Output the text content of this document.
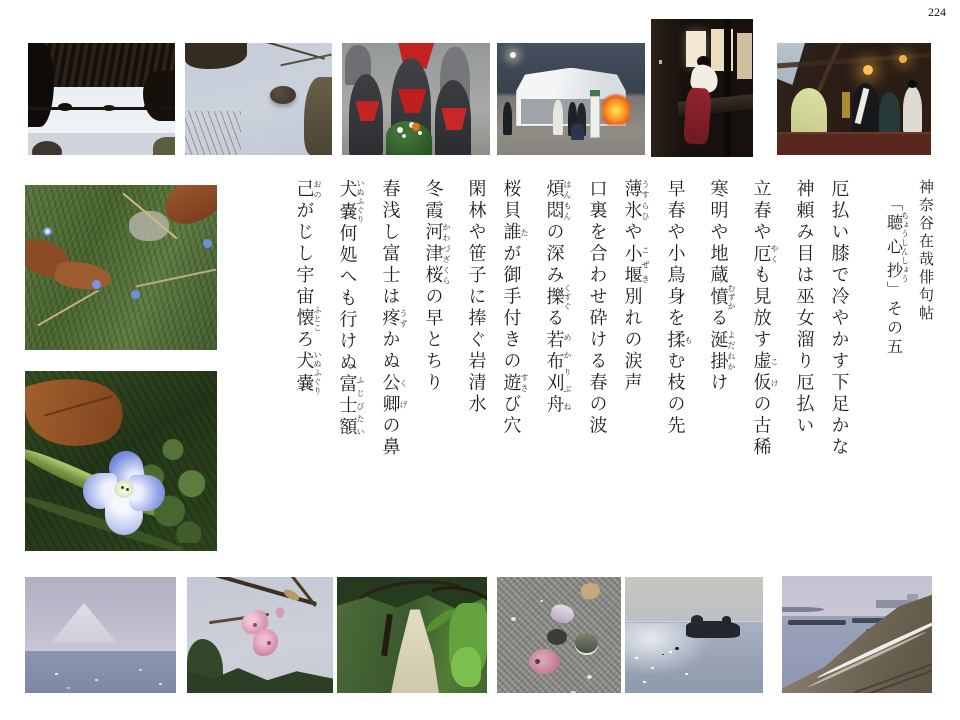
224
神奈谷在哉俳句帖
「聴心抄 ちょうしんしょう」その五
厄払い膝で冷やかす下足かな
神頼み目は巫女溜り厄払い
立春や厄やくも見放す虚仮こけの古稀
寒明や地蔵憤むずかる涎掛よだれかけ
早春や小鳥身を揉もむ枝の先
薄氷うすらひや小堰こぜき別れの涙声
口裏を合わせ砕ける春の波
煩悶はんもんの深み擽くすぐる若布刈舟めかりぶね
桜貝誰たが御手付きの遊すさび穴
閑林や笹子に捧ぐ岩清水
冬霞河津桜かわづざくらの早とちり
春浅し富士は疼うずかぬ公卿くげの鼻
犬嚢いぬふぐり何処へも行けぬ富士額ふじびたい
己おのがじし宇宙懐ふところ犬嚢いぬふぐり
